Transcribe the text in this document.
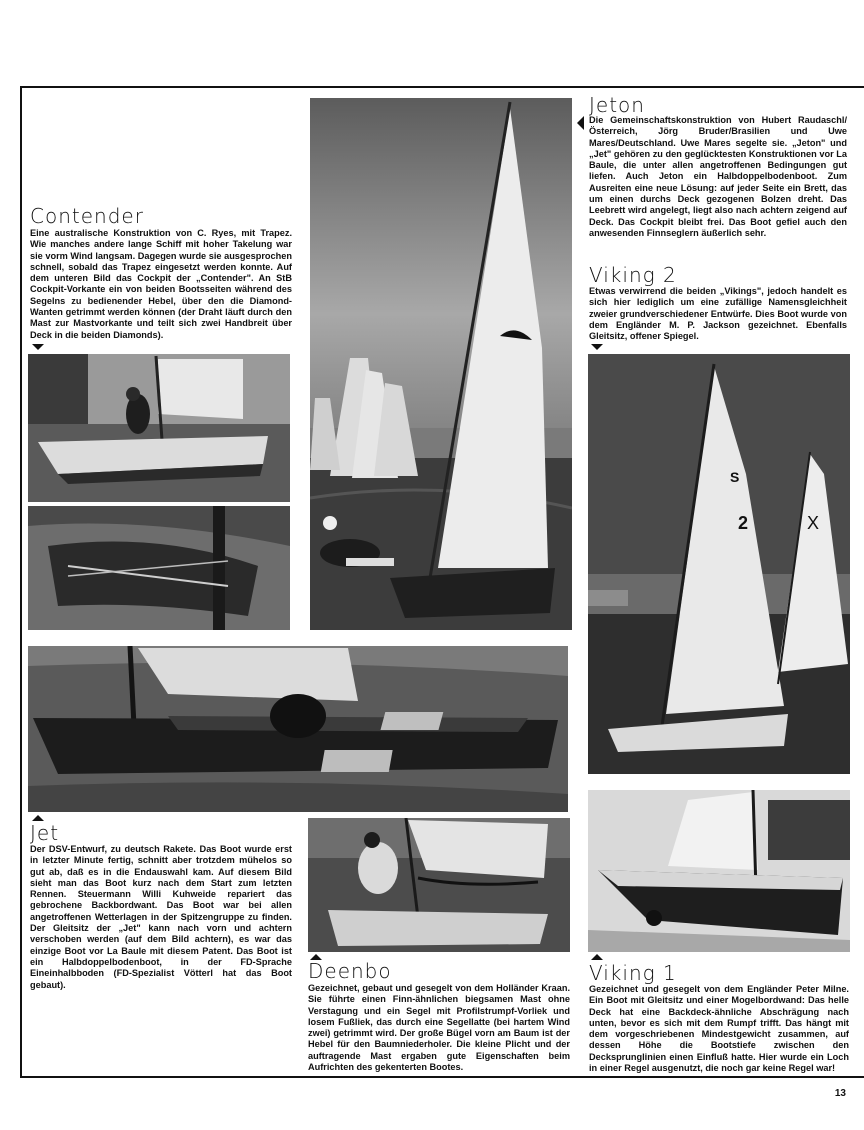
Contender
Eine australische Konstruktion von C. Ryes, mit Trapez. Wie manches andere lange Schiff mit hoher Takelung war sie vorm Wind langsam. Dagegen wurde sie ausgesprochen schnell, sobald das Trapez eingesetzt werden konnte. Auf dem unteren Bild das Cockpit der „Contender". An StB Cockpit-Vorkante ein von beiden Bootsseiten während des Segelns zu bedienender Hebel, über den die Diamond-Wanten getrimmt werden können (der Draht läuft durch den Mast zur Mastvorkante und teilt sich zwei Handbreit über Deck in die beiden Diamonds).
Jeton
Die Gemeinschaftskonstruktion von Hubert Raudaschl/Österreich, Jörg Bruder/Brasilien und Uwe Mares/Deutschland. Uwe Mares segelte sie. „Jeton" und „Jet" gehören zu den geglücktesten Konstruktionen vor La Baule, die unter allen angetroffenen Bedingungen gut liefen. Auch Jeton ein Halbdoppelbodenboot. Zum Ausreiten eine neue Lösung: auf jeder Seite ein Brett, das um einen durchs Deck gezogenen Bolzen dreht. Das Leebrett wird angelegt, liegt also nach achtern zeigend auf Deck. Das Cockpit bleibt frei. Das Boot gefiel auch den anwesenden Finnseglern äußerlich sehr.
Viking 2
Etwas verwirrend die beiden „Vikings", jedoch handelt es sich hier lediglich um eine zufällige Namensgleichheit zweier grundverschiedener Entwürfe. Dies Boot wurde von dem Engländer M. P. Jackson gezeichnet. Ebenfalls Gleitsitz, offener Spiegel.
2
S
X
Jet
Der DSV-Entwurf, zu deutsch Rakete. Das Boot wurde erst in letzter Minute fertig, schnitt aber trotzdem mühelos so gut ab, daß es in die Endauswahl kam. Auf diesem Bild sieht man das Boot kurz nach dem Start zum letzten Rennen. Steuermann Willi Kuhweide repariert das gebrochene Backbordwant. Das Boot war bei allen angetroffenen Wetterlagen in der Spitzengruppe zu finden. Der Gleitsitz der „Jet" kann nach vorn und achtern verschoben werden (auf dem Bild achtern), es war das einzige Boot vor La Baule mit diesem Patent. Das Boot ist ein Halbdoppelbodenboot, in der FD-Sprache Eineinhalbboden (FD-Spezialist Vötterl hat das Boot gebaut).
Deenbo
Gezeichnet, gebaut und gesegelt von dem Holländer Kraan. Sie führte einen Finn-ähnlichen biegsamen Mast ohne Verstagung und ein Segel mit Profilstrumpf-Vorliek und losem Fußliek, das durch eine Segellatte (bei hartem Wind zwei) getrimmt wird. Der große Bügel vorn am Baum ist der Hebel für den Baumniederholer. Die kleine Plicht und der auftragende Mast ergaben gute Eigenschaften beim Aufrichten des gekenterten Bootes.
Viking 1
Gezeichnet und gesegelt von dem Engländer Peter Milne. Ein Boot mit Gleitsitz und einer Mogelbordwand: Das helle Deck hat eine Backdeck-ähnliche Abschrägung nach unten, bevor es sich mit dem Rumpf trifft. Das hängt mit dem vorgeschriebenen Mindestgewicht zusammen, auf dessen Höhe die Bootstiefe zwischen den Decksprunglinien einen Einfluß hatte. Hier wurde ein Loch in einer Regel ausgenutzt, die noch gar keine Regel war!
13
